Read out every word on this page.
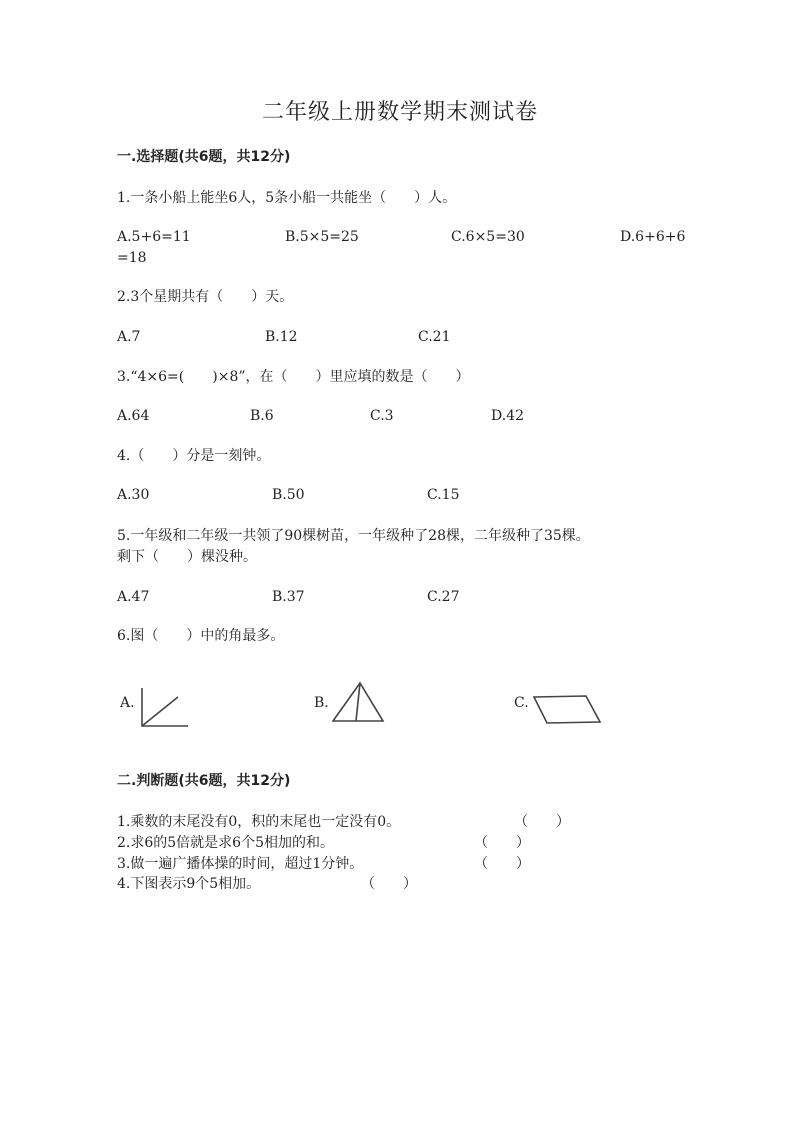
二年级上册数学期末测试卷
一.选择题(共6题，共12分)
1.一条小船上能坐6人，5条小船一共能坐（　　）人。
A.5+6=11	B.5×5=25	C.6×5=30	D.6+6+6
=18
2.3个星期共有（　　）天。
A.7	B.12	C.21
3.“4×6=(　　)×8”，在（　　）里应填的数是（　　）
A.64	B.6	C.3	D.42
4.（　　）分是一刻钟。
A.30	B.50	C.15
5.一年级和二年级一共领了90棵树苗，一年级种了28棵，二年级种了35棵。
剩下（　　）棵没种。
A.47	B.37	C.27
6.图（　　）中的角最多。
A.	B.	C.
二.判断题(共6题，共12分)
1.乘数的末尾没有0，积的末尾也一定没有0。	（　　）
2.求6的5倍就是求6个5相加的和。	（　　）
3.做一遍广播体操的时间，超过1分钟。	（　　）
4.下图表示9个5相加。	（　　）
